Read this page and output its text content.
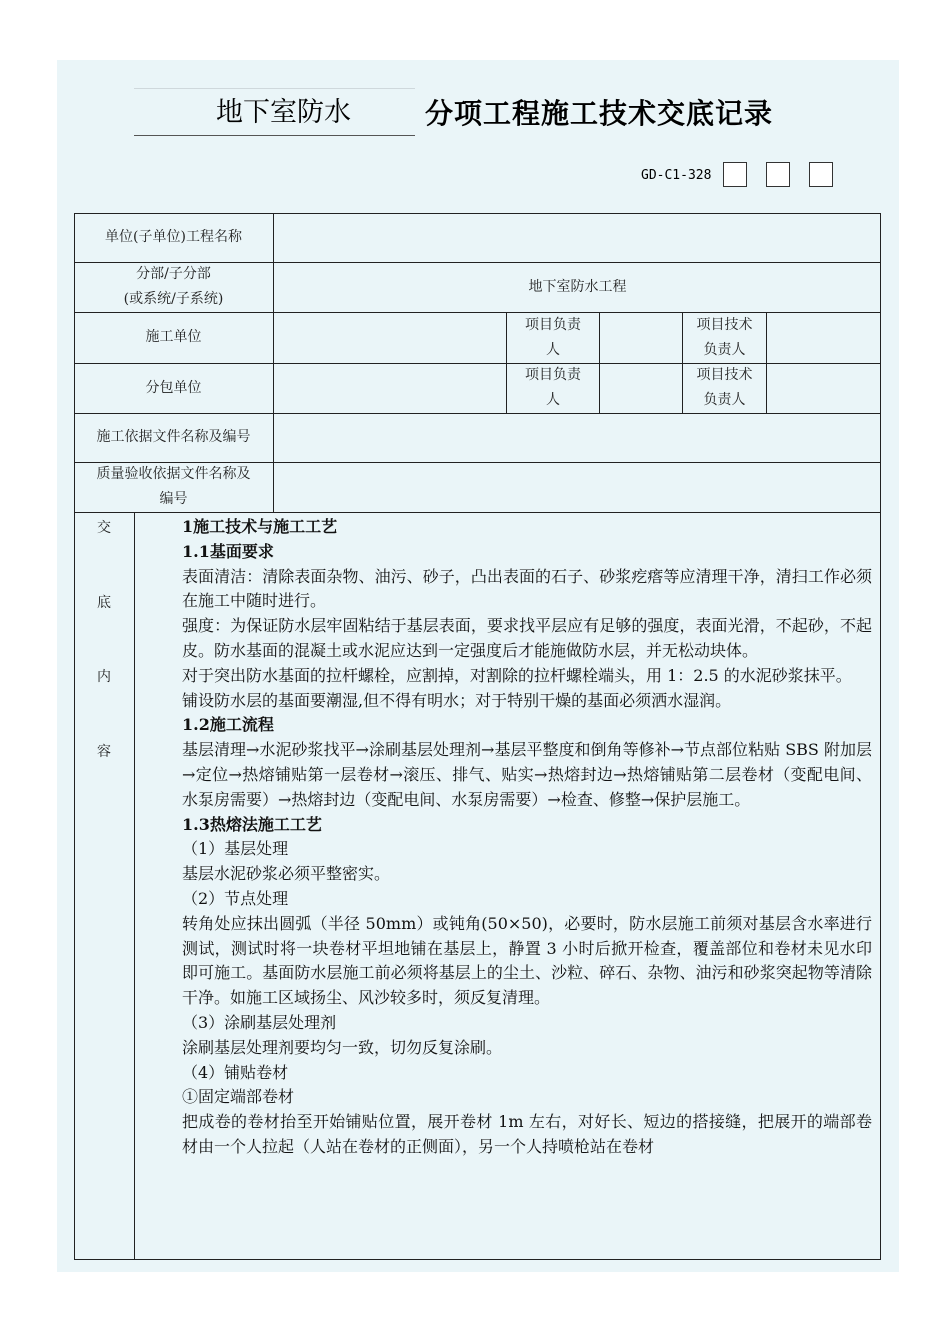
地下室防水	分项工程施工技术交底记录
GD-C1-328
单位(子单位)工程名称
分部/子分部
(或系统/子系统)
地下室防水工程
施工单位
项目负责
人
项目技术
负责人
分包单位
项目负责
人
项目技术
负责人
施工依据文件名称及编号
质量验收依据文件名称及
编号
交
底
内
容

1施工技术与施工工艺

1.1基面要求

表面清洁：清除表面杂物、油污、砂子，凸出表面的石子、砂浆疙瘩等应清理干净，清扫工作必须在施工中随时进行。

强度：为保证防水层牢固粘结于基层表面，要求找平层应有足够的强度，表面光滑，不起砂，不起皮。防水基面的混凝土或水泥应达到一定强度后才能施做防水层，并无松动块体。

对于突出防水基面的拉杆螺栓，应割掉，对割除的拉杆螺栓端头，用 1：2.5 的水泥砂浆抹平。

铺设防水层的基面要潮湿,但不得有明水；对于特别干燥的基面必须洒水湿润。

1.2施工流程

基层清理→水泥砂浆找平→涂刷基层处理剂→基层平整度和倒角等修补→节点部位粘贴 SBS 附加层→定位→热熔铺贴第一层卷材→滚压、排气、贴实→热熔封边→热熔铺贴第二层卷材（变配电间、水泵房需要）→热熔封边（变配电间、水泵房需要）→检查、修整→保护层施工。

1.3热熔法施工工艺

（1）基层处理

基层水泥砂浆必须平整密实。

（2）节点处理

转角处应抹出圆弧（半径 50mm）或钝角(50×50)，必要时，防水层施工前须对基层含水率进行测试，测试时将一块卷材平坦地铺在基层上，静置 3 小时后掀开检查，覆盖部位和卷材未见水印即可施工。基面防水层施工前必须将基层上的尘土、沙粒、碎石、杂物、油污和砂浆突起物等清除干净。如施工区域扬尘、风沙较多时，须反复清理。

（3）涂刷基层处理剂

涂刷基层处理剂要均匀一致，切勿反复涂刷。

（4）铺贴卷材

①固定端部卷材

把成卷的卷材抬至开始铺贴位置，展开卷材 1m 左右，对好长、短边的搭接缝，把展开的端部卷材由一个人拉起（人站在卷材的正侧面），另一个人持喷枪站在卷材
